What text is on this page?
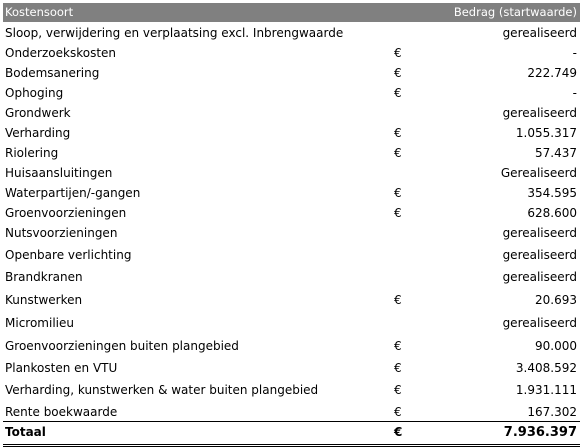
Kostensoort	Bedrag (startwaarde)
Sloop, verwijdering en verplaatsing excl. Inbrengwaarde	gerealiseerd
Onderzoekskosten	€	-
Bodemsanering	€	222.749
Ophoging	€	-
Grondwerk	gerealiseerd
Verharding	€	1.055.317
Riolering	€	57.437
Huisaansluitingen	Gerealiseerd
Waterpartijen/-gangen	€	354.595
Groenvoorzieningen	€	628.600
Nutsvoorzieningen	gerealiseerd
Openbare verlichting	gerealiseerd
Brandkranen	gerealiseerd
Kunstwerken	€	20.693
Micromilieu	gerealiseerd
Groenvoorzieningen buiten plangebied	€	90.000
Plankosten en VTU	€	3.408.592
Verharding, kunstwerken & water buiten plangebied	€	1.931.111
Rente boekwaarde	€	167.302
Totaal	€	7.936.397
